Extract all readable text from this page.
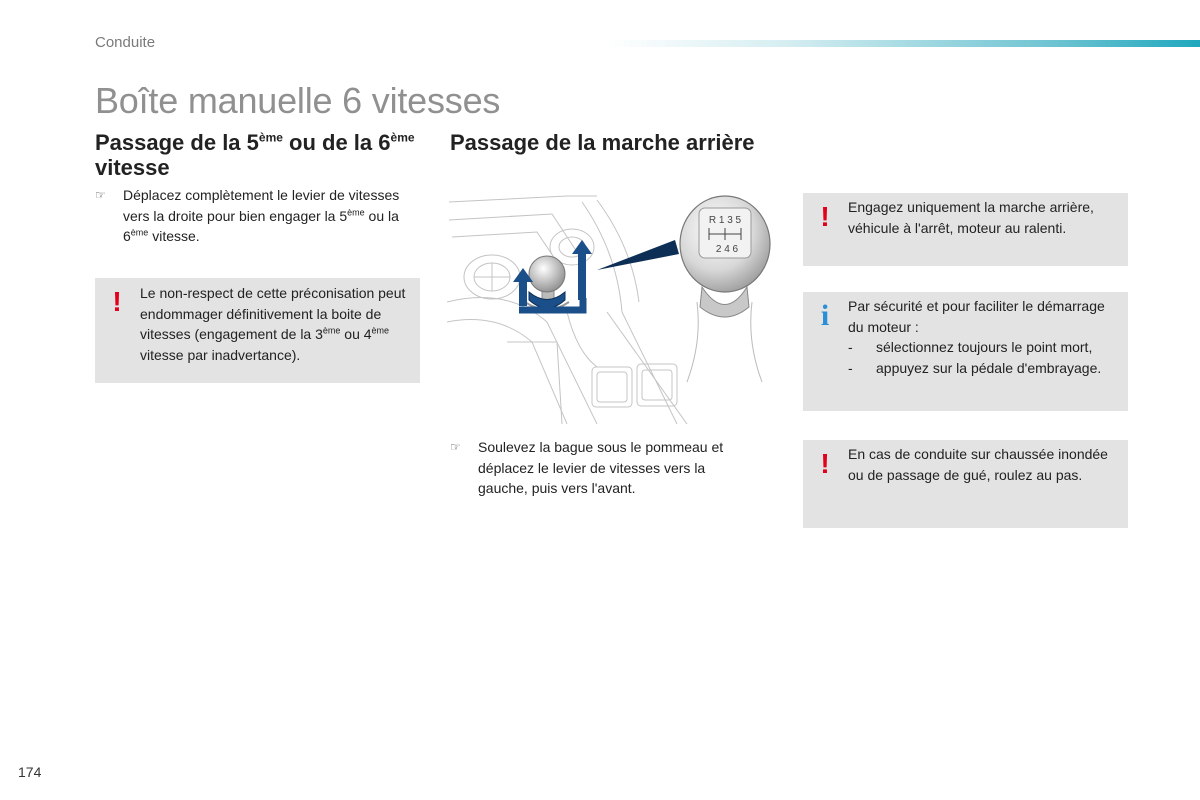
Conduite
Boîte manuelle 6 vitesses
Passage de la 5ème ou de la 6ème vitesse
☞	Déplacez complètement le levier de vitesses vers la droite pour bien engager la 5ème ou la 6ème vitesse.
!	Le non-respect de cette préconisation peut endommager définitivement la boite de vitesses (engagement de la 3ème ou 4ème vitesse par inadvertance).
Passage de la marche arrière
R 1 3 5
2 4 6
☞	Soulevez la bague sous le pommeau et déplacez le levier de vitesses vers la gauche, puis vers l'avant.
!	Engagez uniquement la marche arrière, véhicule à l'arrêt, moteur au ralenti.
i	Par sécurité et pour faciliter le démarrage du moteur :
- sélectionnez toujours le point mort,
- appuyez sur la pédale d'embrayage.
!	En cas de conduite sur chaussée inondée ou de passage de gué, roulez au pas.
174
